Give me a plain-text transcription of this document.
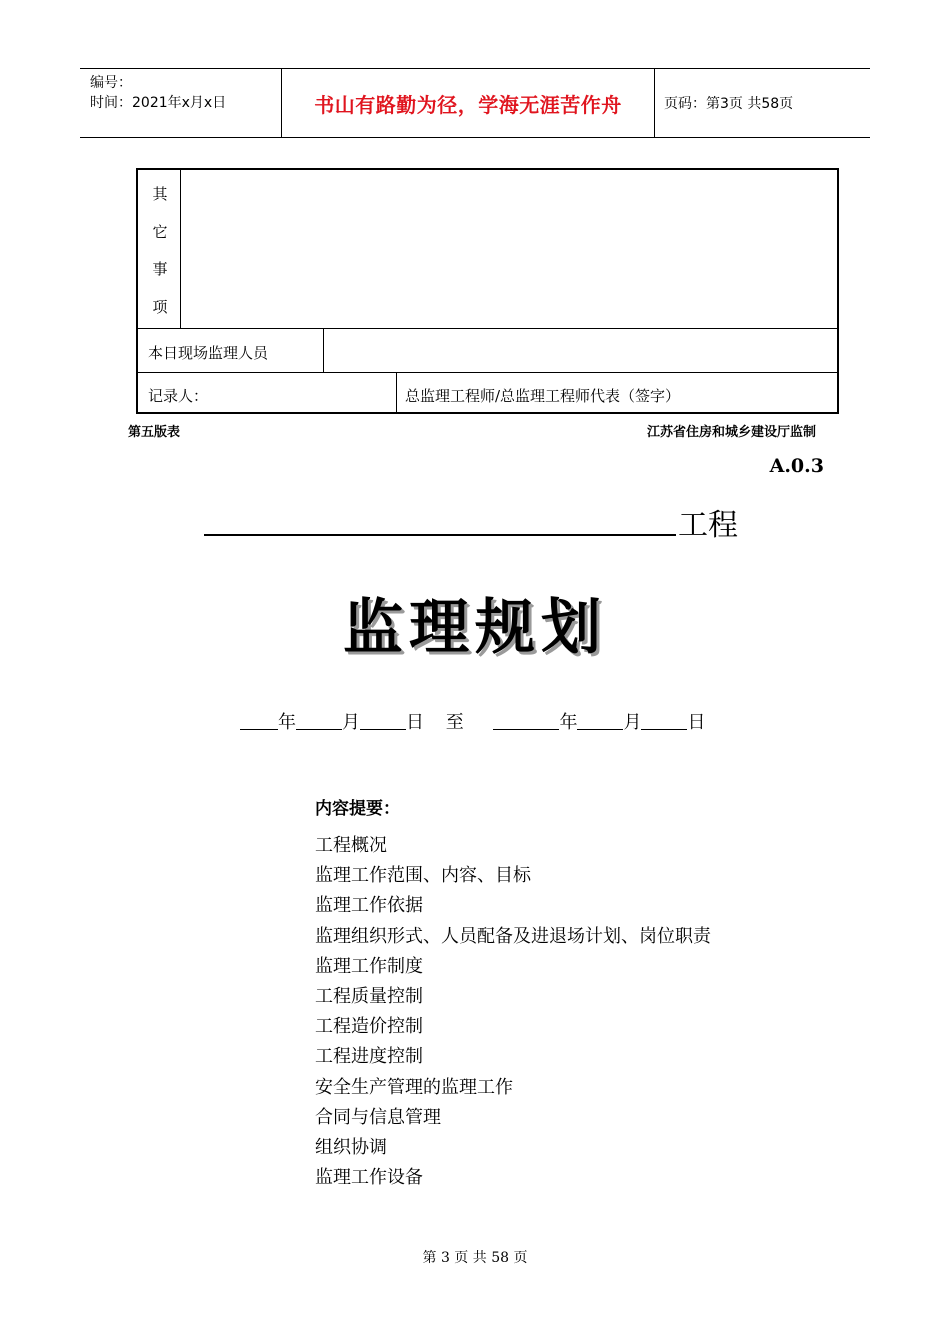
编号：
时间：2021年x月x日	书山有路勤为径，学海无涯苦作舟	页码：第3页 共58页
其
它
事
项
本日现场监理人员
记录人：	总监理工程师/总监理工程师代表（签字）
第五版表	江苏省住房和城乡建设厅监制
A.0.3
工程
监理规划
年	月	日 至	年	月	日
内容提要：
工程概况
监理工作范围、内容、目标
监理工作依据
监理组织形式、人员配备及进退场计划、岗位职责
监理工作制度
工程质量控制
工程造价控制
工程进度控制
安全生产管理的监理工作
合同与信息管理
组织协调
监理工作设备
第 3 页 共 58 页
